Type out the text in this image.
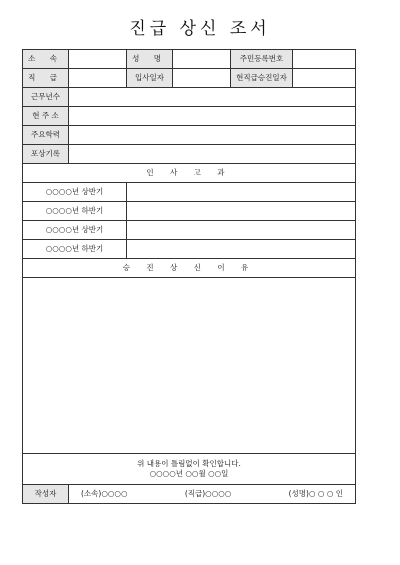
진급 상신 조서
소 속		성 명		주민등록번호	
직 급		입사일자		현직급승진일자	
근무년수					
현 주 소					
주요학력					
포상기록					
인 사 고 과					
○○○○년 상반기					
○○○○년 하반기					
○○○○년 상반기					
○○○○년 하반기					
승 진 상 신 이 유					

위 내용이 틀림없이 확인합니다.
○○○○년 ○○월 ○○일					

작성자	(소속)○○○○ (직급)○○○○ (성명)○ ○ ○ 인				
